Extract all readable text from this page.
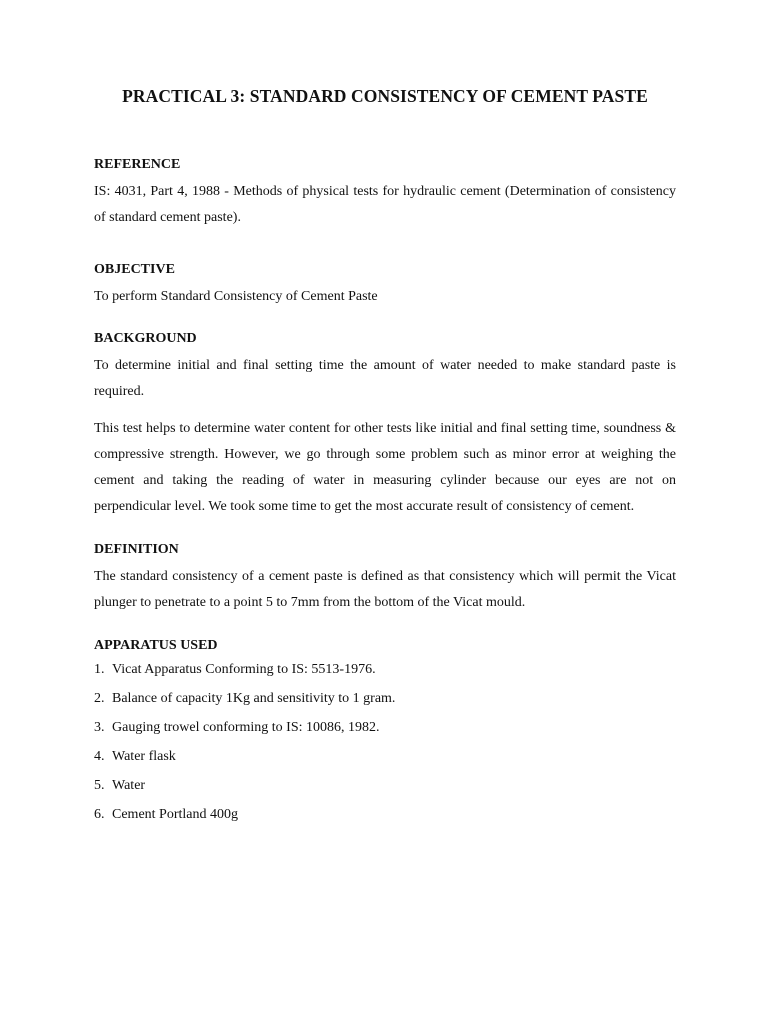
PRACTICAL 3: STANDARD CONSISTENCY OF CEMENT PASTE
REFERENCE

IS: 4031, Part 4, 1988 - Methods of physical tests for hydraulic cement (Determination of consistency of standard cement paste).

OBJECTIVE

To perform Standard Consistency of Cement Paste

BACKGROUND

To determine initial and final setting time the amount of water needed to make standard paste is required.

This test helps to determine water content for other tests like initial and final setting time, soundness & compressive strength. However, we go through some problem such as minor error at weighing the cement and taking the reading of water in measuring cylinder because our eyes are not on perpendicular level. We took some time to get the most accurate result of consistency of cement.

DEFINITION

The standard consistency of a cement paste is defined as that consistency which will permit the Vicat plunger to penetrate to a point 5 to 7mm from the bottom of the Vicat mould.

APPARATUS USED
1. Vicat Apparatus Conforming to IS: 5513-1976.
2. Balance of capacity 1Kg and sensitivity to 1 gram.
3. Gauging trowel conforming to IS: 10086, 1982.
4. Water flask
5. Water
6. Cement Portland 400g
